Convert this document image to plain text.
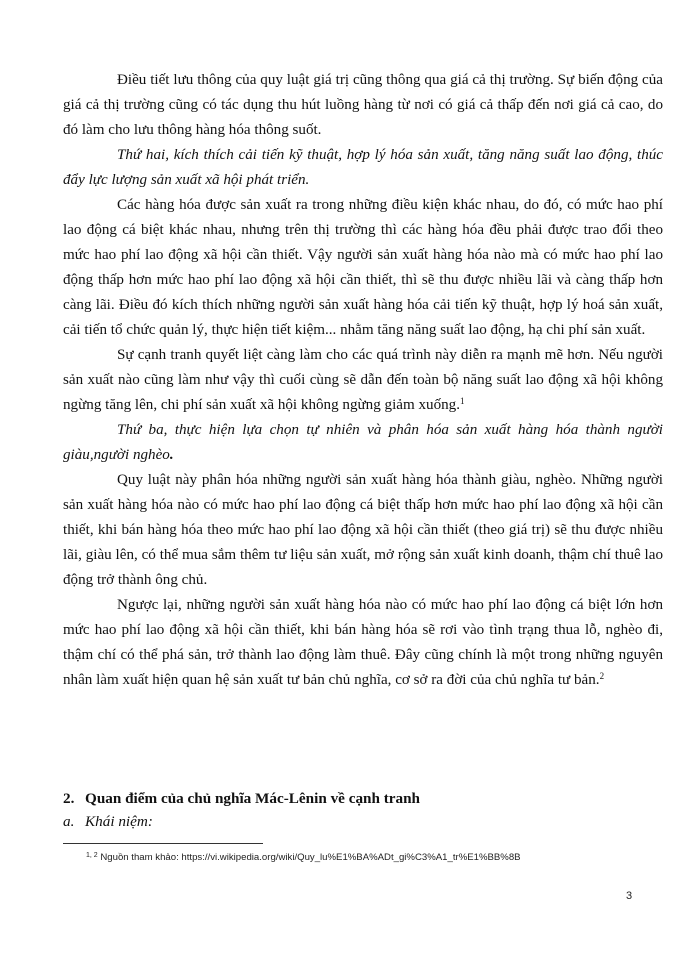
Điều tiết lưu thông của quy luật giá trị cũng thông qua giá cả thị trường. Sự biến động của giá cả thị trường cũng có tác dụng thu hút luồng hàng từ nơi có giá cả thấp đến nơi giá cả cao, do đó làm cho lưu thông hàng hóa thông suốt.

Thứ hai, kích thích cải tiến kỹ thuật, hợp lý hóa sản xuất, tăng năng suất lao động, thúc đẩy lực lượng sản xuất xã hội phát triển.

Các hàng hóa được sản xuất ra trong những điều kiện khác nhau, do đó, có mức hao phí lao động cá biệt khác nhau, nhưng trên thị trường thì các hàng hóa đều phải được trao đổi theo mức hao phí lao động xã hội cần thiết. Vậy người sản xuất hàng hóa nào mà có mức hao phí lao động thấp hơn mức hao phí lao động xã hội cần thiết, thì sẽ thu được nhiều lãi và càng thấp hơn càng lãi. Điều đó kích thích những người sản xuất hàng hóa cải tiến kỹ thuật, hợp lý hoá sản xuất, cải tiến tổ chức quản lý, thực hiện tiết kiệm... nhằm tăng năng suất lao động, hạ chi phí sản xuất.

Sự cạnh tranh quyết liệt càng làm cho các quá trình này diễn ra mạnh mẽ hơn. Nếu người sản xuất nào cũng làm như vậy thì cuối cùng sẽ dẫn đến toàn bộ năng suất lao động xã hội không ngừng tăng lên, chi phí sản xuất xã hội không ngừng giảm xuống.$^1$

Thứ ba, thực hiện lựa chọn tự nhiên và phân hóa sản xuất hàng hóa thành người giàu,người nghèo.

Quy luật này phân hóa những người sản xuất hàng hóa thành giàu, nghèo. Những người sản xuất hàng hóa nào có mức hao phí lao động cá biệt thấp hơn mức hao phí lao động xã hội cần thiết, khi bán hàng hóa theo mức hao phí lao động xã hội cần thiết (theo giá trị) sẽ thu được nhiều lãi, giàu lên, có thể mua sắm thêm tư liệu sản xuất, mở rộng sản xuất kinh doanh, thậm chí thuê lao động trở thành ông chủ.

Ngược lại, những người sản xuất hàng hóa nào có mức hao phí lao động cá biệt lớn hơn mức hao phí lao động xã hội cần thiết, khi bán hàng hóa sẽ rơi vào tình trạng thua lỗ, nghèo đi, thậm chí có thể phá sản, trở thành lao động làm thuê. Đây cũng chính là một trong những nguyên nhân làm xuất hiện quan hệ sản xuất tư bản chủ nghĩa, cơ sở ra đời của chủ nghĩa tư bản.$^2$

2. Quan điểm của chủ nghĩa Mác-Lênin về cạnh tranh
a. Khái niệm:
$^{1, 2}$ Nguồn tham khảo: https://vi.wikipedia.org/wiki/Quy_lu%E1%BA%ADt_gi%C3%A1_tr%E1%BB%8B
3
